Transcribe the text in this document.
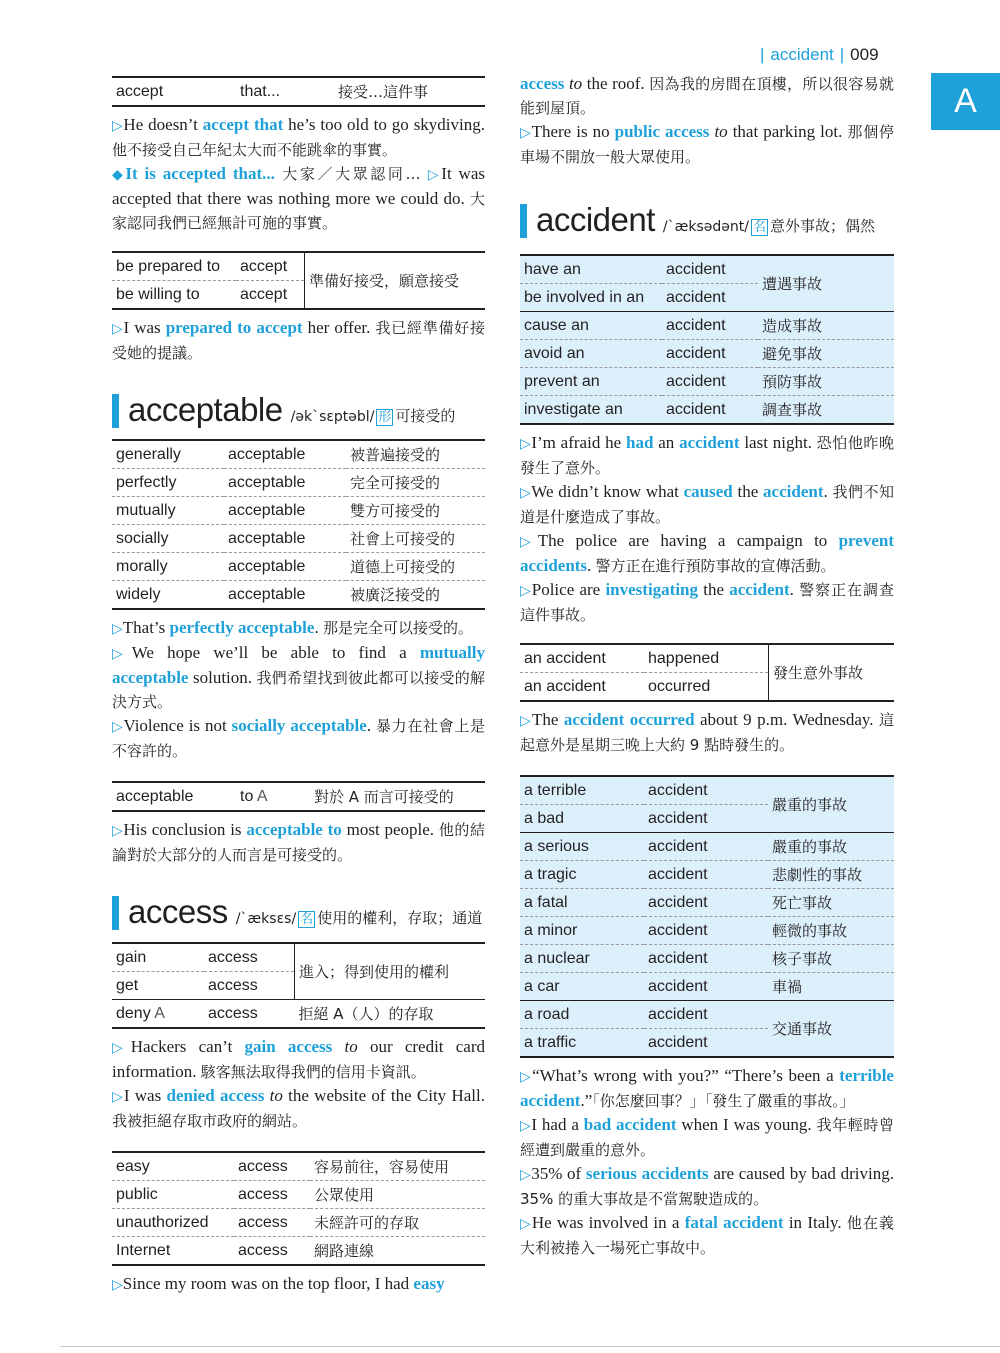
| accident | 009
A
accept	that...	接受…這件事

▷He doesn’t accept that he’s too old to go skydiving. 他不接受自己年紀太大而不能跳傘的事實。

◆It is accepted that... 大家／大眾認同… ▷It was accepted that there was nothing more we could do. 大家認同我們已經無計可施的事實。

be prepared to	accept	準備好接受，願意接受
be willing to	accept	

▷I was prepared to accept her offer. 我已經準備好接受她的提議。

acceptable /ək`sɛptəbl/ 形 可接受的
generally	acceptable	被普遍接受的
perfectly	acceptable	完全可接受的
mutually	acceptable	雙方可接受的
socially	acceptable	社會上可接受的
morally	acceptable	道德上可接受的
widely	acceptable	被廣泛接受的

▷That’s perfectly acceptable. 那是完全可以接受的。

▷We hope we’ll be able to find a mutually acceptable solution. 我們希望找到彼此都可以接受的解決方式。

▷Violence is not socially acceptable. 暴力在社會上是不容許的。

acceptable	to A	對於 A 而言可接受的

▷His conclusion is acceptable to most people. 他的結論對於大部分的人而言是可接受的。

access /`æksɛs/ 名 使用的權利，存取；通道
gain	access	進入；得到使用的權利
get	access	
deny A	access	拒絕 A（人）的存取

▷Hackers can’t gain access to our credit card information. 駭客無法取得我們的信用卡資訊。

▷I was denied access to the website of the City Hall. 我被拒絕存取市政府的網站。

easy	access	容易前往，容易使用
public	access	公眾使用
unauthorized	access	未經許可的存取
Internet	access	網路連線

▷Since my room was on the top floor, I had easy

access to the roof. 因為我的房間在頂樓，所以很容易就能到屋頂。

▷There is no public access to that parking lot. 那個停車場不開放一般大眾使用。

accident /`æksədənt/ 名 意外事故；偶然
have an	accident	遭遇事故
be involved in an	accident	
cause an	accident	造成事故
avoid an	accident	避免事故
prevent an	accident	預防事故
investigate an	accident	調查事故

▷I’m afraid he had an accident last night. 恐怕他昨晚發生了意外。

▷We didn’t know what caused the accident. 我們不知道是什麼造成了事故。

▷The police are having a campaign to prevent accidents. 警方正在進行預防事故的宣傳活動。

▷Police are investigating the accident. 警察正在調查這件事故。

an accident	happened	發生意外事故
an accident	occurred	

▷The accident occurred about 9 p.m. Wednesday. 這起意外是星期三晚上大約 9 點時發生的。

a terrible	accident	嚴重的事故
a bad	accident	
a serious	accident	嚴重的事故
a tragic	accident	悲劇性的事故
a fatal	accident	死亡事故
a minor	accident	輕微的事故
a nuclear	accident	核子事故
a car	accident	車禍
a road	accident	交通事故
a traffic	accident	

▷“What’s wrong with you?” “There’s been a terrible accident.”「你怎麼回事？」「發生了嚴重的事故。」

▷I had a bad accident when I was young. 我年輕時曾經遭到嚴重的意外。

▷35% of serious accidents are caused by bad driving. 35% 的重大事故是不當駕駛造成的。

▷He was involved in a fatal accident in Italy. 他在義大利被捲入一場死亡事故中。
